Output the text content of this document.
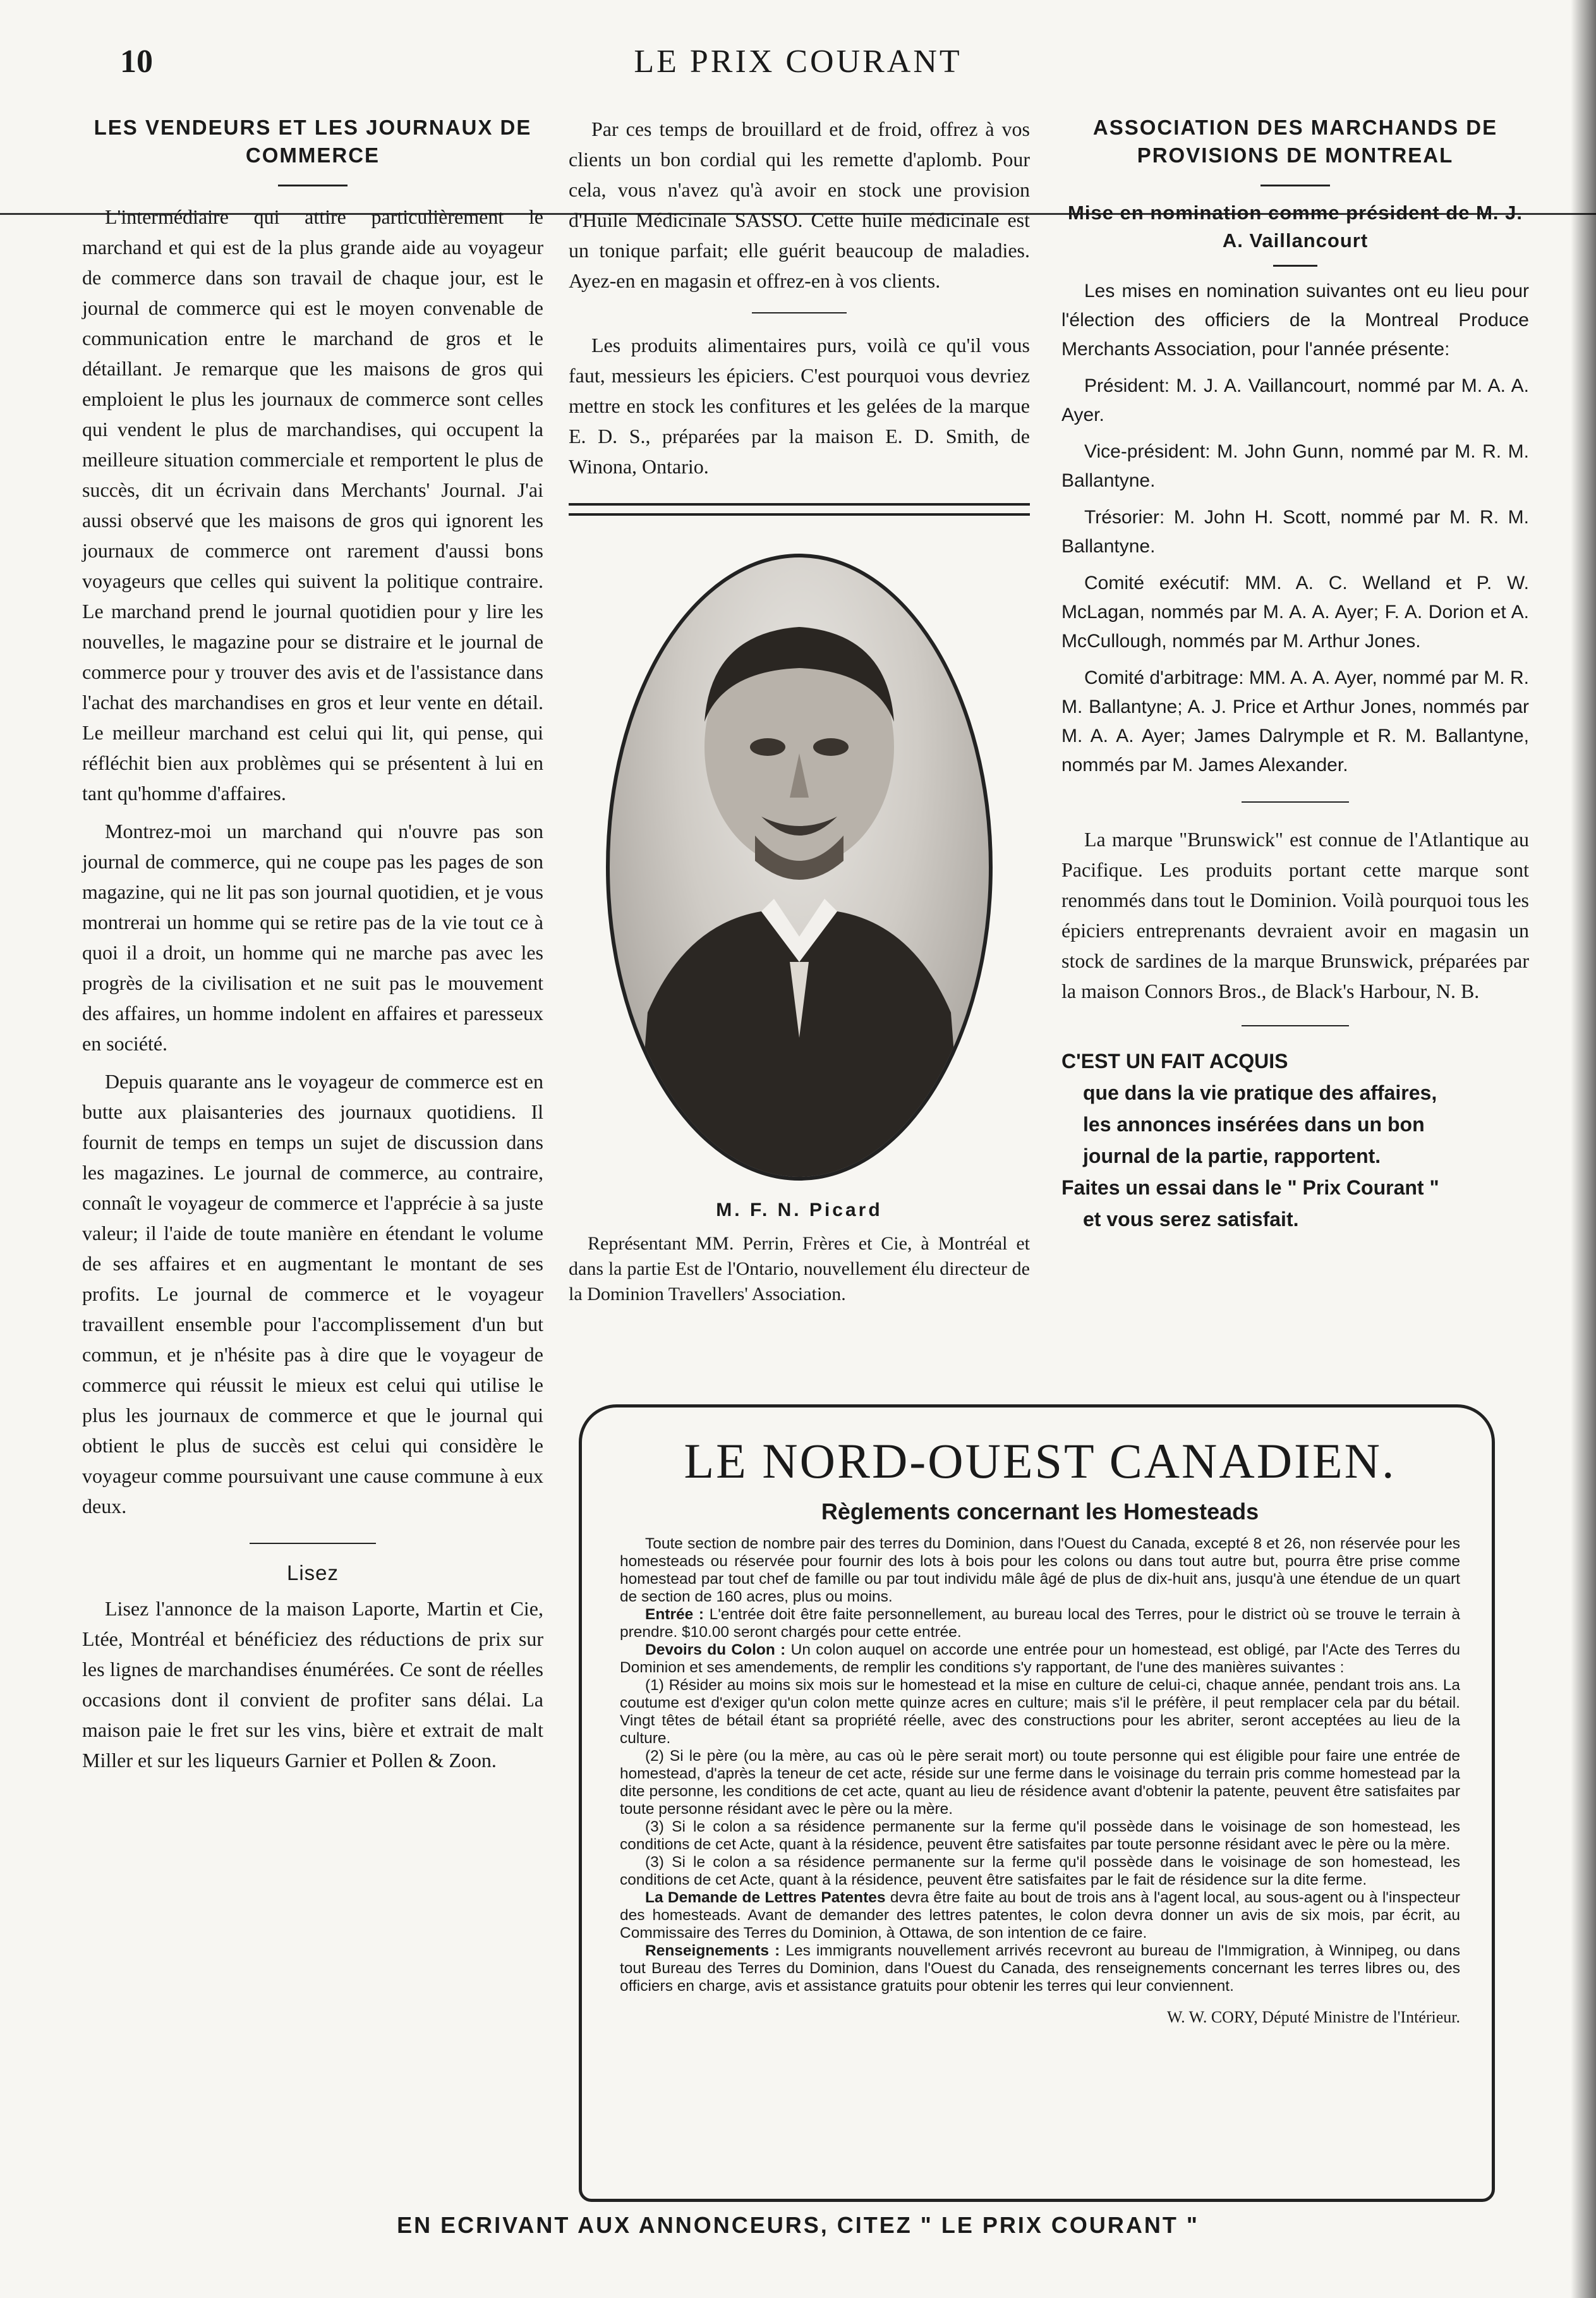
10	LE PRIX COURANT
LES VENDEURS ET LES JOURNAUX DE COMMERCE

L'intermédiaire qui attire particulièrement le marchand et qui est de la plus grande aide au voyageur de commerce dans son travail de chaque jour, est le journal de commerce qui est le moyen convenable de communication entre le marchand de gros et le détaillant. Je remarque que les maisons de gros qui emploient le plus les journaux de commerce sont celles qui vendent le plus de marchandises, qui occupent la meilleure situation commerciale et remportent le plus de succès, dit un écrivain dans Merchants' Journal. J'ai aussi observé que les maisons de gros qui ignorent les journaux de commerce ont rarement d'aussi bons voyageurs que celles qui suivent la politique contraire. Le marchand prend le journal quotidien pour y lire les nouvelles, le magazine pour se distraire et le journal de commerce pour y trouver des avis et de l'assistance dans l'achat des marchandises en gros et leur vente en détail. Le meilleur marchand est celui qui lit, qui pense, qui réfléchit bien aux problèmes qui se présentent à lui en tant qu'homme d'affaires.

Montrez-moi un marchand qui n'ouvre pas son journal de commerce, qui ne coupe pas les pages de son magazine, qui ne lit pas son journal quotidien, et je vous montrerai un homme qui se retire pas de la vie tout ce à quoi il a droit, un homme qui ne marche pas avec les progrès de la civilisation et ne suit pas le mouvement des affaires, un homme indolent en affaires et paresseux en société.

Depuis quarante ans le voyageur de commerce est en butte aux plaisanteries des journaux quotidiens. Il fournit de temps en temps un sujet de discussion dans les magazines. Le journal de commerce, au contraire, connaît le voyageur de commerce et l'apprécie à sa juste valeur; il l'aide de toute manière en étendant le volume de ses affaires et en augmentant le montant de ses profits. Le journal de commerce et le voyageur travaillent ensemble pour l'accomplissement d'un but commun, et je n'hésite pas à dire que le voyageur de commerce qui réussit le mieux est celui qui utilise le plus les journaux de commerce et que le journal qui obtient le plus de succès est celui qui considère le voyageur comme poursuivant une cause commune à eux deux.

Lisez

Lisez l'annonce de la maison Laporte, Martin et Cie, Ltée, Montréal et bénéficiez des réductions de prix sur les lignes de marchandises énumérées. Ce sont de réelles occasions dont il convient de profiter sans délai. La maison paie le fret sur les vins, bière et extrait de malt Miller et sur les liqueurs Garnier et Pollen & Zoon.

Par ces temps de brouillard et de froid, offrez à vos clients un bon cordial qui les remette d'aplomb. Pour cela, vous n'avez qu'à avoir en stock une provision d'Huile Médicinale SASSO. Cette huile médicinale est un tonique parfait; elle guérit beaucoup de maladies. Ayez-en en magasin et offrez-en à vos clients.

Les produits alimentaires purs, voilà ce qu'il vous faut, messieurs les épiciers. C'est pourquoi vous devriez mettre en stock les confitures et les gelées de la marque E. D. S., préparées par la maison E. D. Smith, de Winona, Ontario.

M. F. N. Picard
Représentant MM. Perrin, Frères et Cie, à Montréal et dans la partie Est de l'Ontario, nouvellement élu directeur de la Dominion Travellers' Association.
ASSOCIATION DES MARCHANDS DE PROVISIONS DE MONTREAL
Mise en nomination comme président de M. J. A. Vaillancourt

Les mises en nomination suivantes ont eu lieu pour l'élection des officiers de la Montreal Produce Merchants Association, pour l'année présente:

Président: M. J. A. Vaillancourt, nommé par M. A. A. Ayer.

Vice-président: M. John Gunn, nommé par M. R. M. Ballantyne.

Trésorier: M. John H. Scott, nommé par M. R. M. Ballantyne.

Comité exécutif: MM. A. C. Welland et P. W. McLagan, nommés par M. A. A. Ayer; F. A. Dorion et A. McCullough, nommés par M. Arthur Jones.

Comité d'arbitrage: MM. A. A. Ayer, nommé par M. R. M. Ballantyne; A. J. Price et Arthur Jones, nommés par M. A. A. Ayer; James Dalrymple et R. M. Ballantyne, nommés par M. James Alexander.

La marque "Brunswick" est connue de l'Atlantique au Pacifique. Les produits portant cette marque sont renommés dans tout le Dominion. Voilà pourquoi tous les épiciers entreprenants devraient avoir en magasin un stock de sardines de la marque Brunswick, préparées par la maison Connors Bros., de Black's Harbour, N. B.

C'EST UN FAIT ACQUIS
que dans la vie pratique des affaires,
les annonces insérées dans un bon
journal de la partie, rapportent.
Faites un essai dans le " Prix Courant "
et vous serez satisfait.
LE NORD-OUEST CANADIEN.
Règlements concernant les Homesteads

Toute section de nombre pair des terres du Dominion, dans l'Ouest du Canada, excepté 8 et 26, non réservée pour les homesteads ou réservée pour fournir des lots à bois pour les colons ou dans tout autre but, pourra être prise comme homestead par tout chef de famille ou par tout individu mâle âgé de plus de dix-huit ans, jusqu'à une étendue de un quart de section de 160 acres, plus ou moins.

Entrée : L'entrée doit être faite personnellement, au bureau local des Terres, pour le district où se trouve le terrain à prendre. $10.00 seront chargés pour cette entrée.

Devoirs du Colon : Un colon auquel on accorde une entrée pour un homestead, est obligé, par l'Acte des Terres du Dominion et ses amendements, de remplir les conditions s'y rapportant, de l'une des manières suivantes :

(1) Résider au moins six mois sur le homestead et la mise en culture de celui-ci, chaque année, pendant trois ans. La coutume est d'exiger qu'un colon mette quinze acres en culture; mais s'il le préfère, il peut remplacer cela par du bétail. Vingt têtes de bétail étant sa propriété réelle, avec des constructions pour les abriter, seront acceptées au lieu de la culture.

(2) Si le père (ou la mère, au cas où le père serait mort) ou toute personne qui est éligible pour faire une entrée de homestead, d'après la teneur de cet acte, réside sur une ferme dans le voisinage du terrain pris comme homestead par la dite personne, les conditions de cet acte, quant au lieu de résidence avant d'obtenir la patente, peuvent être satisfaites par toute personne résidant avec le père ou la mère.

(3) Si le colon a sa résidence permanente sur la ferme qu'il possède dans le voisinage de son homestead, les conditions de cet Acte, quant à la résidence, peuvent être satisfaites par toute personne résidant avec le père ou la mère.

(3) Si le colon a sa résidence permanente sur la ferme qu'il possède dans le voisinage de son homestead, les conditions de cet Acte, quant à la résidence, peuvent être satisfaites par le fait de résidence sur la dite ferme.

La Demande de Lettres Patentes devra être faite au bout de trois ans à l'agent local, au sous-agent ou à l'inspecteur des homesteads. Avant de demander des lettres patentes, le colon devra donner un avis de six mois, par écrit, au Commissaire des Terres du Dominion, à Ottawa, de son intention de ce faire.

Renseignements : Les immigrants nouvellement arrivés recevront au bureau de l'Immigration, à Winnipeg, ou dans tout Bureau des Terres du Dominion, dans l'Ouest du Canada, des renseignements concernant les terres libres ou, des officiers en charge, avis et assistance gratuits pour obtenir les terres qui leur conviennent.

W. W. CORY, Député Ministre de l'Intérieur.
EN ECRIVANT AUX ANNONCEURS, CITEZ " LE PRIX COURANT "
